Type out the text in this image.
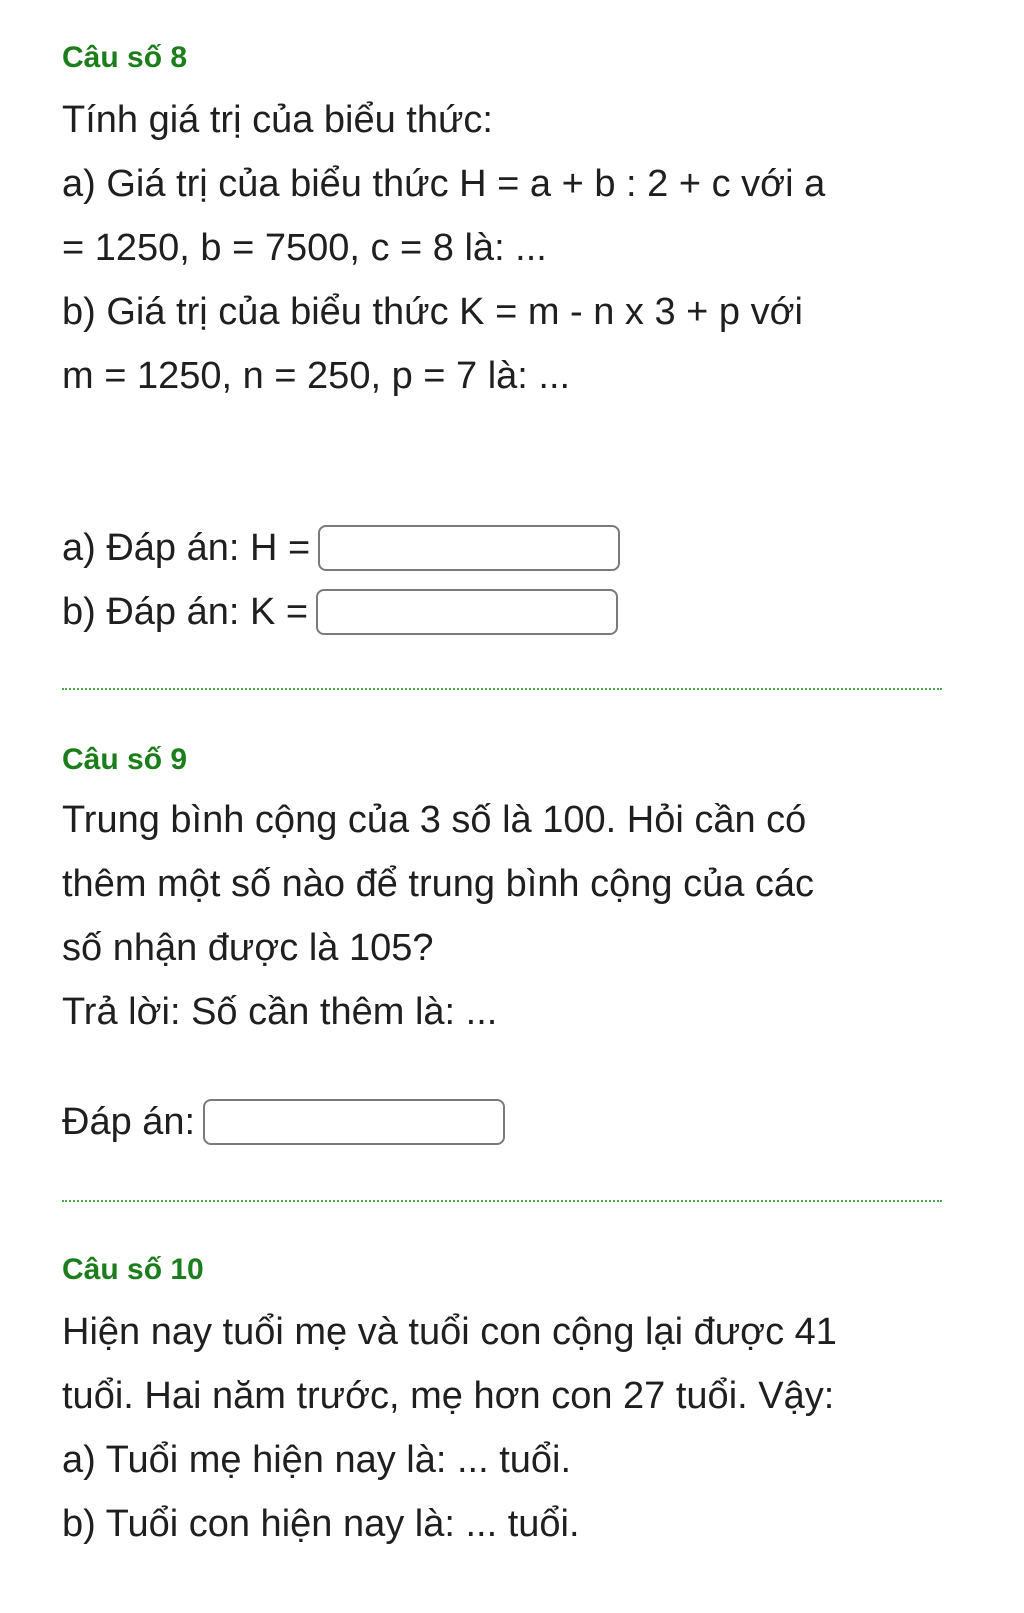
Câu số 8

Tính giá trị của biểu thức:

a) Giá trị của biểu thức H = a + b : 2 + c với a

= 1250, b = 7500, c = 8 là: ...

b) Giá trị của biểu thức K = m - n x 3 + p với

m = 1250, n = 250, p = 7 là: ...

a) Đáp án: H =
b) Đáp án: K =
Câu số 9

Trung bình cộng của 3 số là 100. Hỏi cần có

thêm một số nào để trung bình cộng của các

số nhận được là 105?

Trả lời: Số cần thêm là: ...

Đáp án:
Câu số 10

Hiện nay tuổi mẹ và tuổi con cộng lại được 41

tuổi. Hai năm trước, mẹ hơn con 27 tuổi. Vậy:

a) Tuổi mẹ hiện nay là: ... tuổi.

b) Tuổi con hiện nay là: ... tuổi.
